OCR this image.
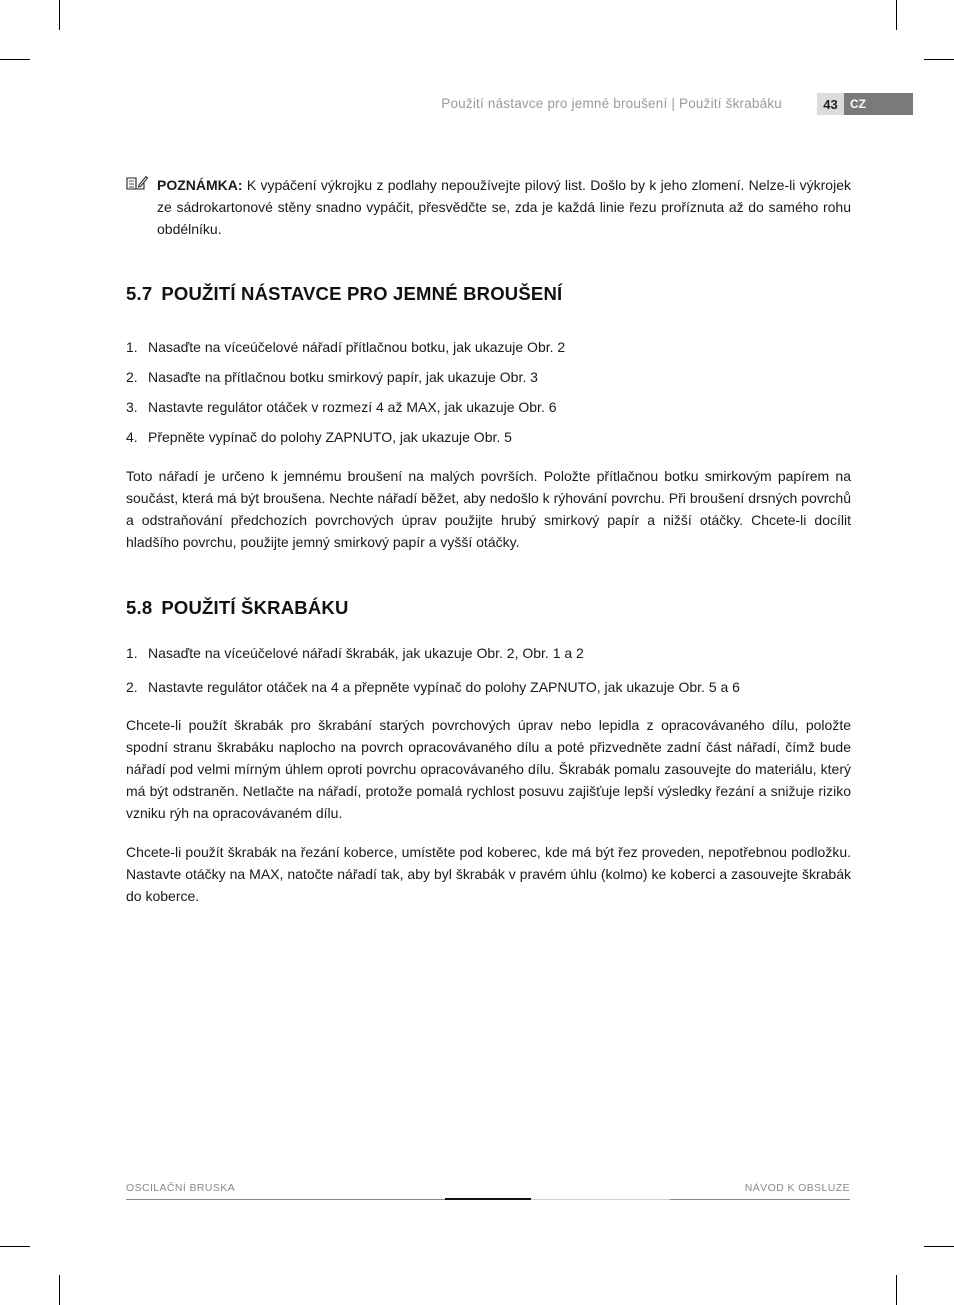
Použití nástavce pro jemné broušení | Použití škrabáku	43	CZ
POZNÁMKA: K vypáčení výkrojku z podlahy nepoužívejte pilový list. Došlo by k jeho zlomení. Nelze-li výkrojek ze sádrokartonové stěny snadno vypáčit, přesvědčte se, zda je každá linie řezu proříznuta až do samého rohu obdélníku.
5.7 POUŽITÍ NÁSTAVCE PRO JEMNÉ BROUŠENÍ
1. Nasaďte na víceúčelové nářadí přítlačnou botku, jak ukazuje Obr. 2
2. Nasaďte na přítlačnou botku smirkový papír, jak ukazuje Obr. 3
3. Nastavte regulátor otáček v rozmezí 4 až MAX, jak ukazuje Obr. 6
4. Přepněte vypínač do polohy ZAPNUTO, jak ukazuje Obr. 5
Toto nářadí je určeno k jemnému broušení na malých površích. Položte přítlačnou botku smirkovým papírem na součást, která má být broušena. Nechte nářadí běžet, aby nedošlo k rýhování povrchu. Při broušení drsných povrchů a odstraňování předchozích povrchových úprav použijte hrubý smirkový papír a nižší otáčky. Chcete-li docílit hladšího povrchu, použijte jemný smirkový papír a vyšší otáčky.
5.8 POUŽITÍ ŠKRABÁKU
1. Nasaďte na víceúčelové nářadí škrabák, jak ukazuje Obr. 2, Obr. 1 a 2
2. Nastavte regulátor otáček na 4 a přepněte vypínač do polohy ZAPNUTO, jak ukazuje Obr. 5 a 6
Chcete-li použít škrabák pro škrabání starých povrchových úprav nebo lepidla z opracovávaného dílu, položte spodní stranu škrabáku naplocho na povrch opracovávaného dílu a poté přizvedněte zadní část nářadí, čímž bude nářadí pod velmi mírným úhlem oproti povrchu opracovávaného dílu. Škrabák pomalu zasouvejte do materiálu, který má být odstraněn. Netlačte na nářadí, protože pomalá rychlost posuvu zajišťuje lepší výsledky řezání a snižuje riziko vzniku rýh na opracovávaném dílu.
Chcete-li použít škrabák na řezání koberce, umístěte pod koberec, kde má být řez proveden, nepotřebnou podložku. Nastavte otáčky na MAX, natočte nářadí tak, aby byl škrabák v pravém úhlu (kolmo) ke koberci a zasouvejte škrabák do koberce.
OSCILAČNÍ BRUSKA	NÁVOD K OBSLUZE
